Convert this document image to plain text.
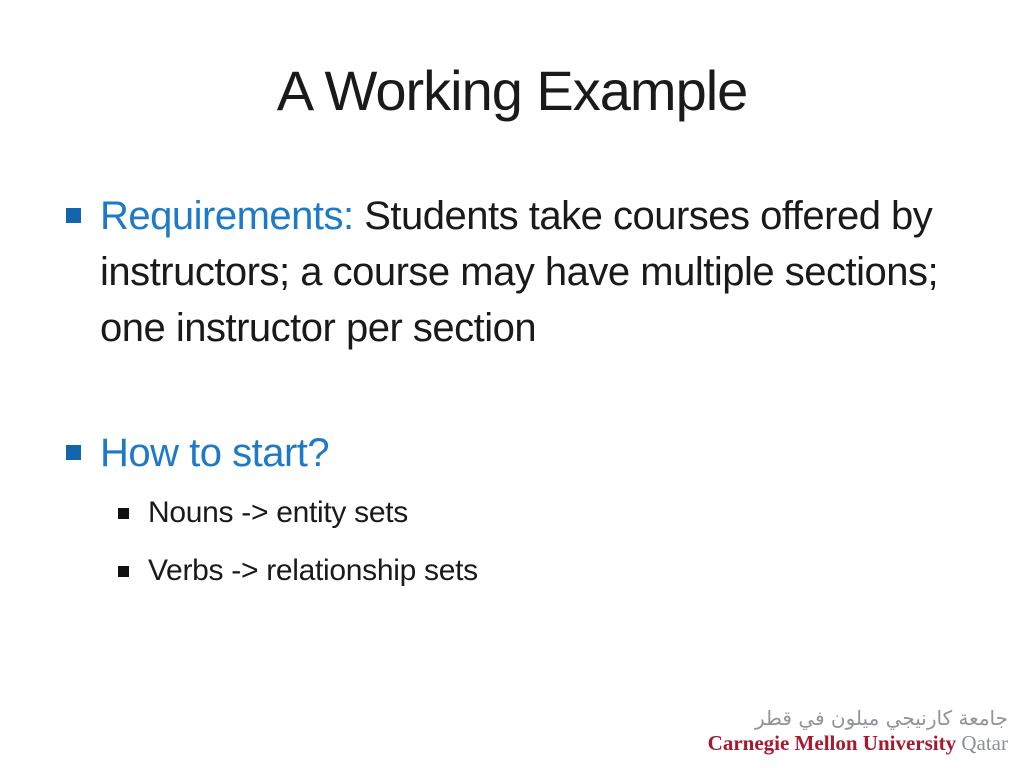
A Working Example

Requirements: Students take courses offered by instructors; a course may have multiple sections; one instructor per section

How to start?

Nouns -> entity sets
Verbs -> relationship sets
جامعة كارنيجي ميلون في قطر
Carnegie Mellon University Qatar
